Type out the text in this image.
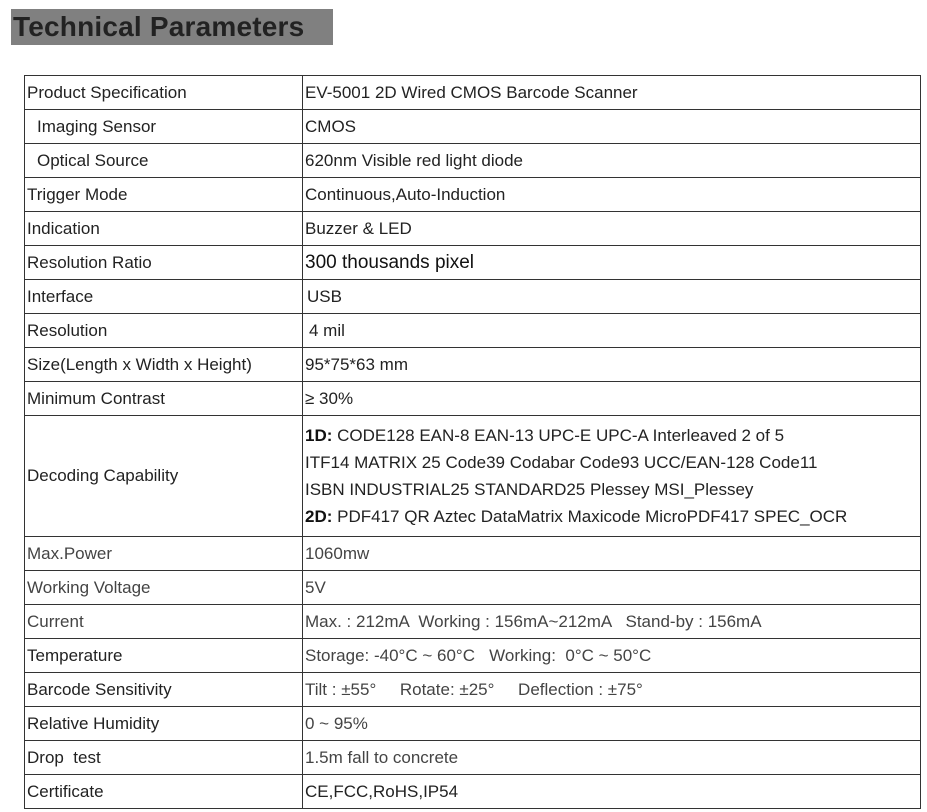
Technical Parameters
Product Specification	EV-5001 2D Wired CMOS Barcode Scanner
Imaging Sensor	CMOS
Optical Source	620nm Visible red light diode
Trigger Mode	Continuous,Auto-Induction
Indication	Buzzer & LED
Resolution Ratio	300 thousands pixel
Interface	USB
Resolution	4 mil
Size(Length x Width x Height)	95*75*63 mm
Minimum Contrast	≥ 30%
Decoding Capability	1D: CODE128 EAN-8 EAN-13 UPC-E UPC-A Interleaved 2 of 5
ITF14 MATRIX 25 Code39 Codabar Code93 UCC/EAN-128 Code11
ISBN INDUSTRIAL25 STANDARD25 Plessey MSI_Plessey
2D: PDF417 QR Aztec DataMatrix Maxicode MicroPDF417 SPEC_OCR

Max.Power	1060mw
Working Voltage	5V
Current	Max. : 212mA  Working : 156mA~212mA   Stand-by : 156mA
Temperature	Storage: -40°C ~ 60°C   Working:  0°C ~ 50°C
Barcode Sensitivity	Tilt : ±55°     Rotate: ±25°     Deflection : ±75°
Relative Humidity	0 ~ 95%
Drop  test	1.5m fall to concrete
Certificate	CE,FCC,RoHS,IP54
